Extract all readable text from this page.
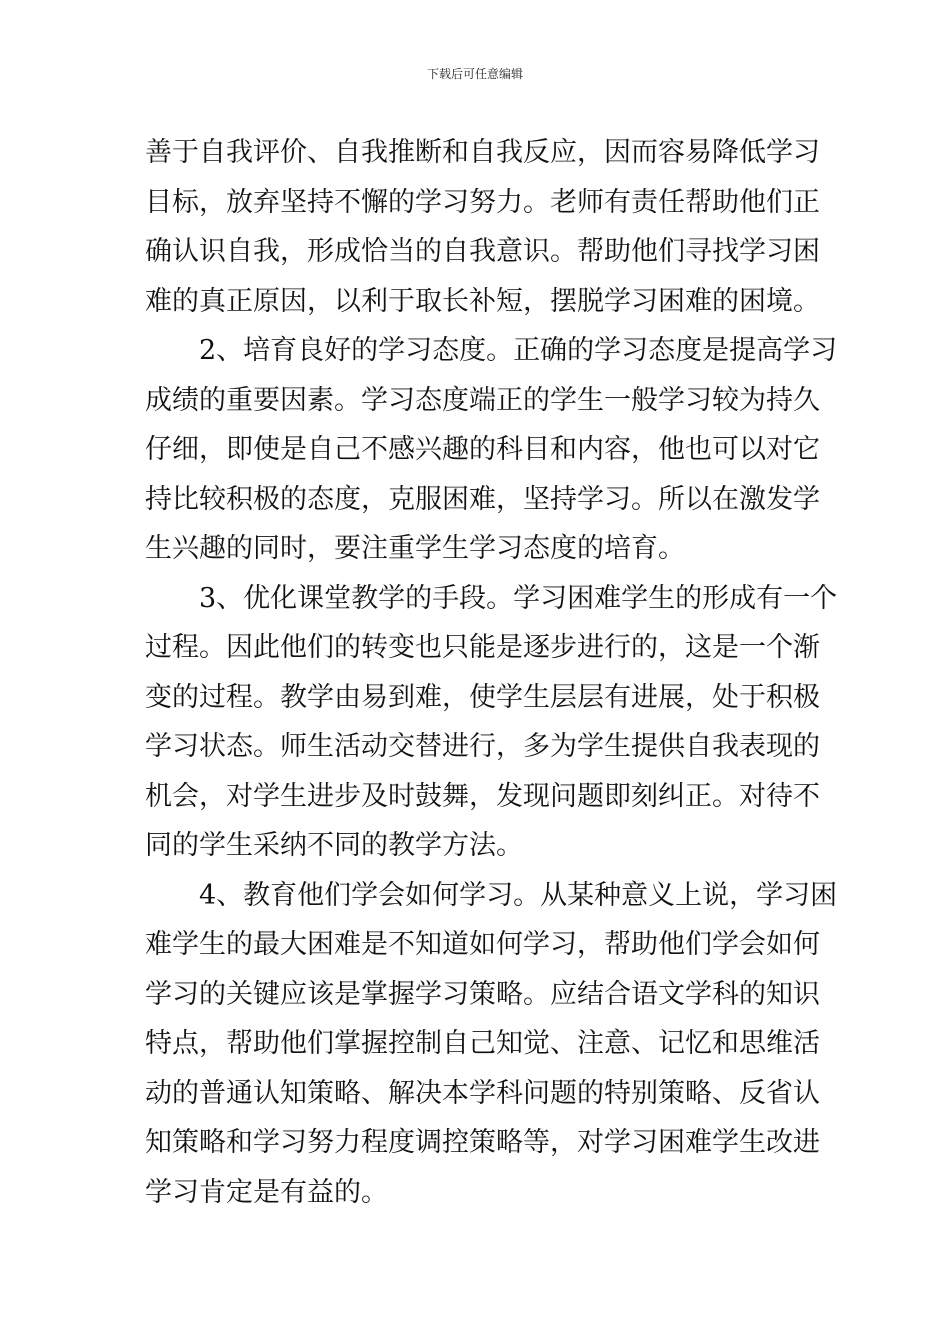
下载后可任意编辑
善于自我评价、自我推断和自我反应，因而容易降低学习
目标，放弃坚持不懈的学习努力。老师有责任帮助他们正
确认识自我，形成恰当的自我意识。帮助他们寻找学习困
难的真正原因，以利于取长补短，摆脱学习困难的困境。
2、培育良好的学习态度。正确的学习态度是提高学习
成绩的重要因素。学习态度端正的学生一般学习较为持久
仔细，即使是自己不感兴趣的科目和内容，他也可以对它
持比较积极的态度，克服困难，坚持学习。所以在激发学
生兴趣的同时，要注重学生学习态度的培育。
3、优化课堂教学的手段。学习困难学生的形成有一个
过程。因此他们的转变也只能是逐步进行的，这是一个渐
变的过程。教学由易到难，使学生层层有进展，处于积极
学习状态。师生活动交替进行，多为学生提供自我表现的
机会，对学生进步及时鼓舞，发现问题即刻纠正。对待不
同的学生采纳不同的教学方法。
4、教育他们学会如何学习。从某种意义上说，学习困
难学生的最大困难是不知道如何学习，帮助他们学会如何
学习的关键应该是掌握学习策略。应结合语文学科的知识
特点，帮助他们掌握控制自己知觉、注意、记忆和思维活
动的普通认知策略、解决本学科问题的特别策略、反省认
知策略和学习努力程度调控策略等，对学习困难学生改进
学习肯定是有益的。
